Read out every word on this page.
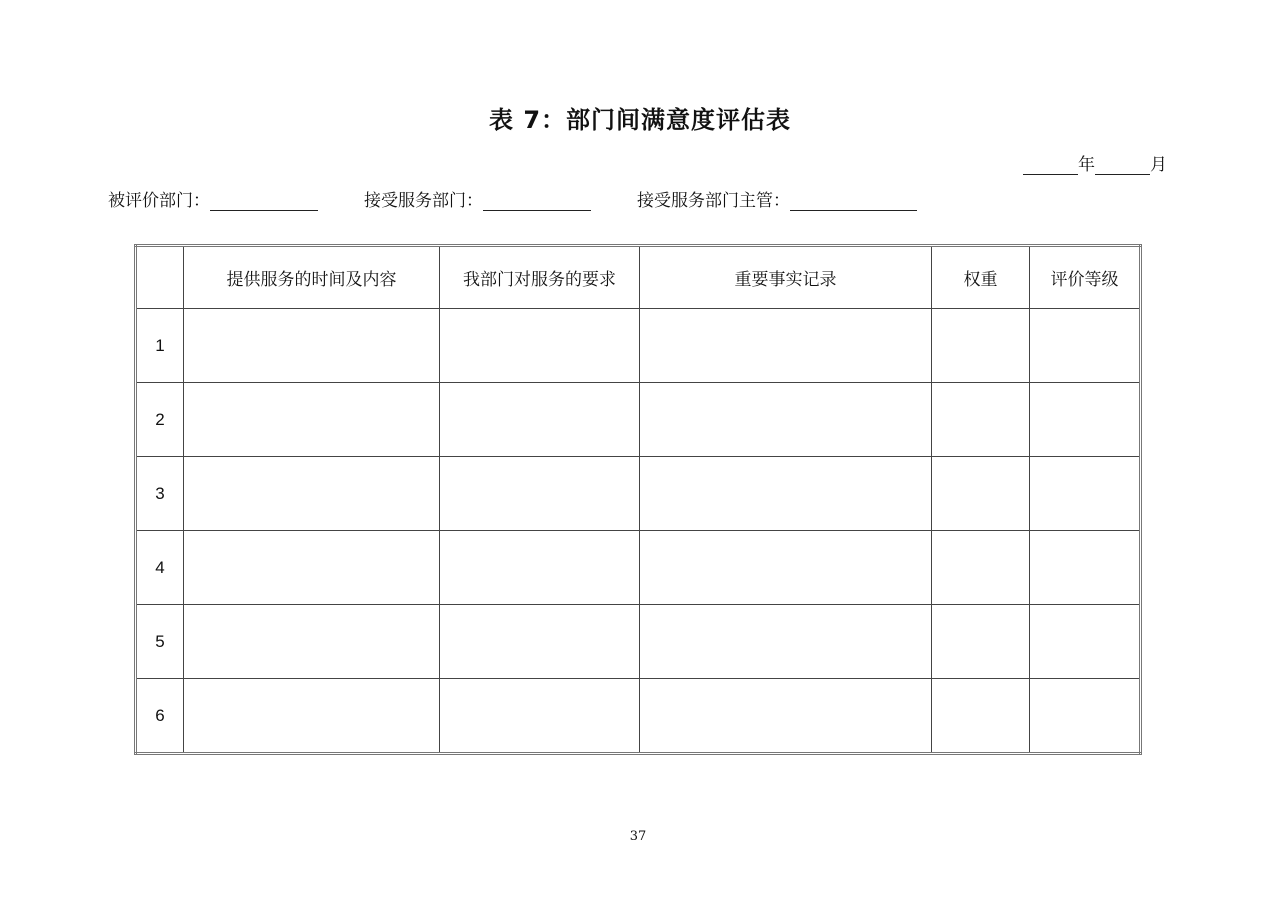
表 7：部门间满意度评估表
年	月
被评价部门：	接受服务部门：	接受服务部门主管：
	提供服务的时间及内容	我部门对服务的要求	重要事实记录	权重	评价等级
1					
2					
3					
4					
5					
6					
37
